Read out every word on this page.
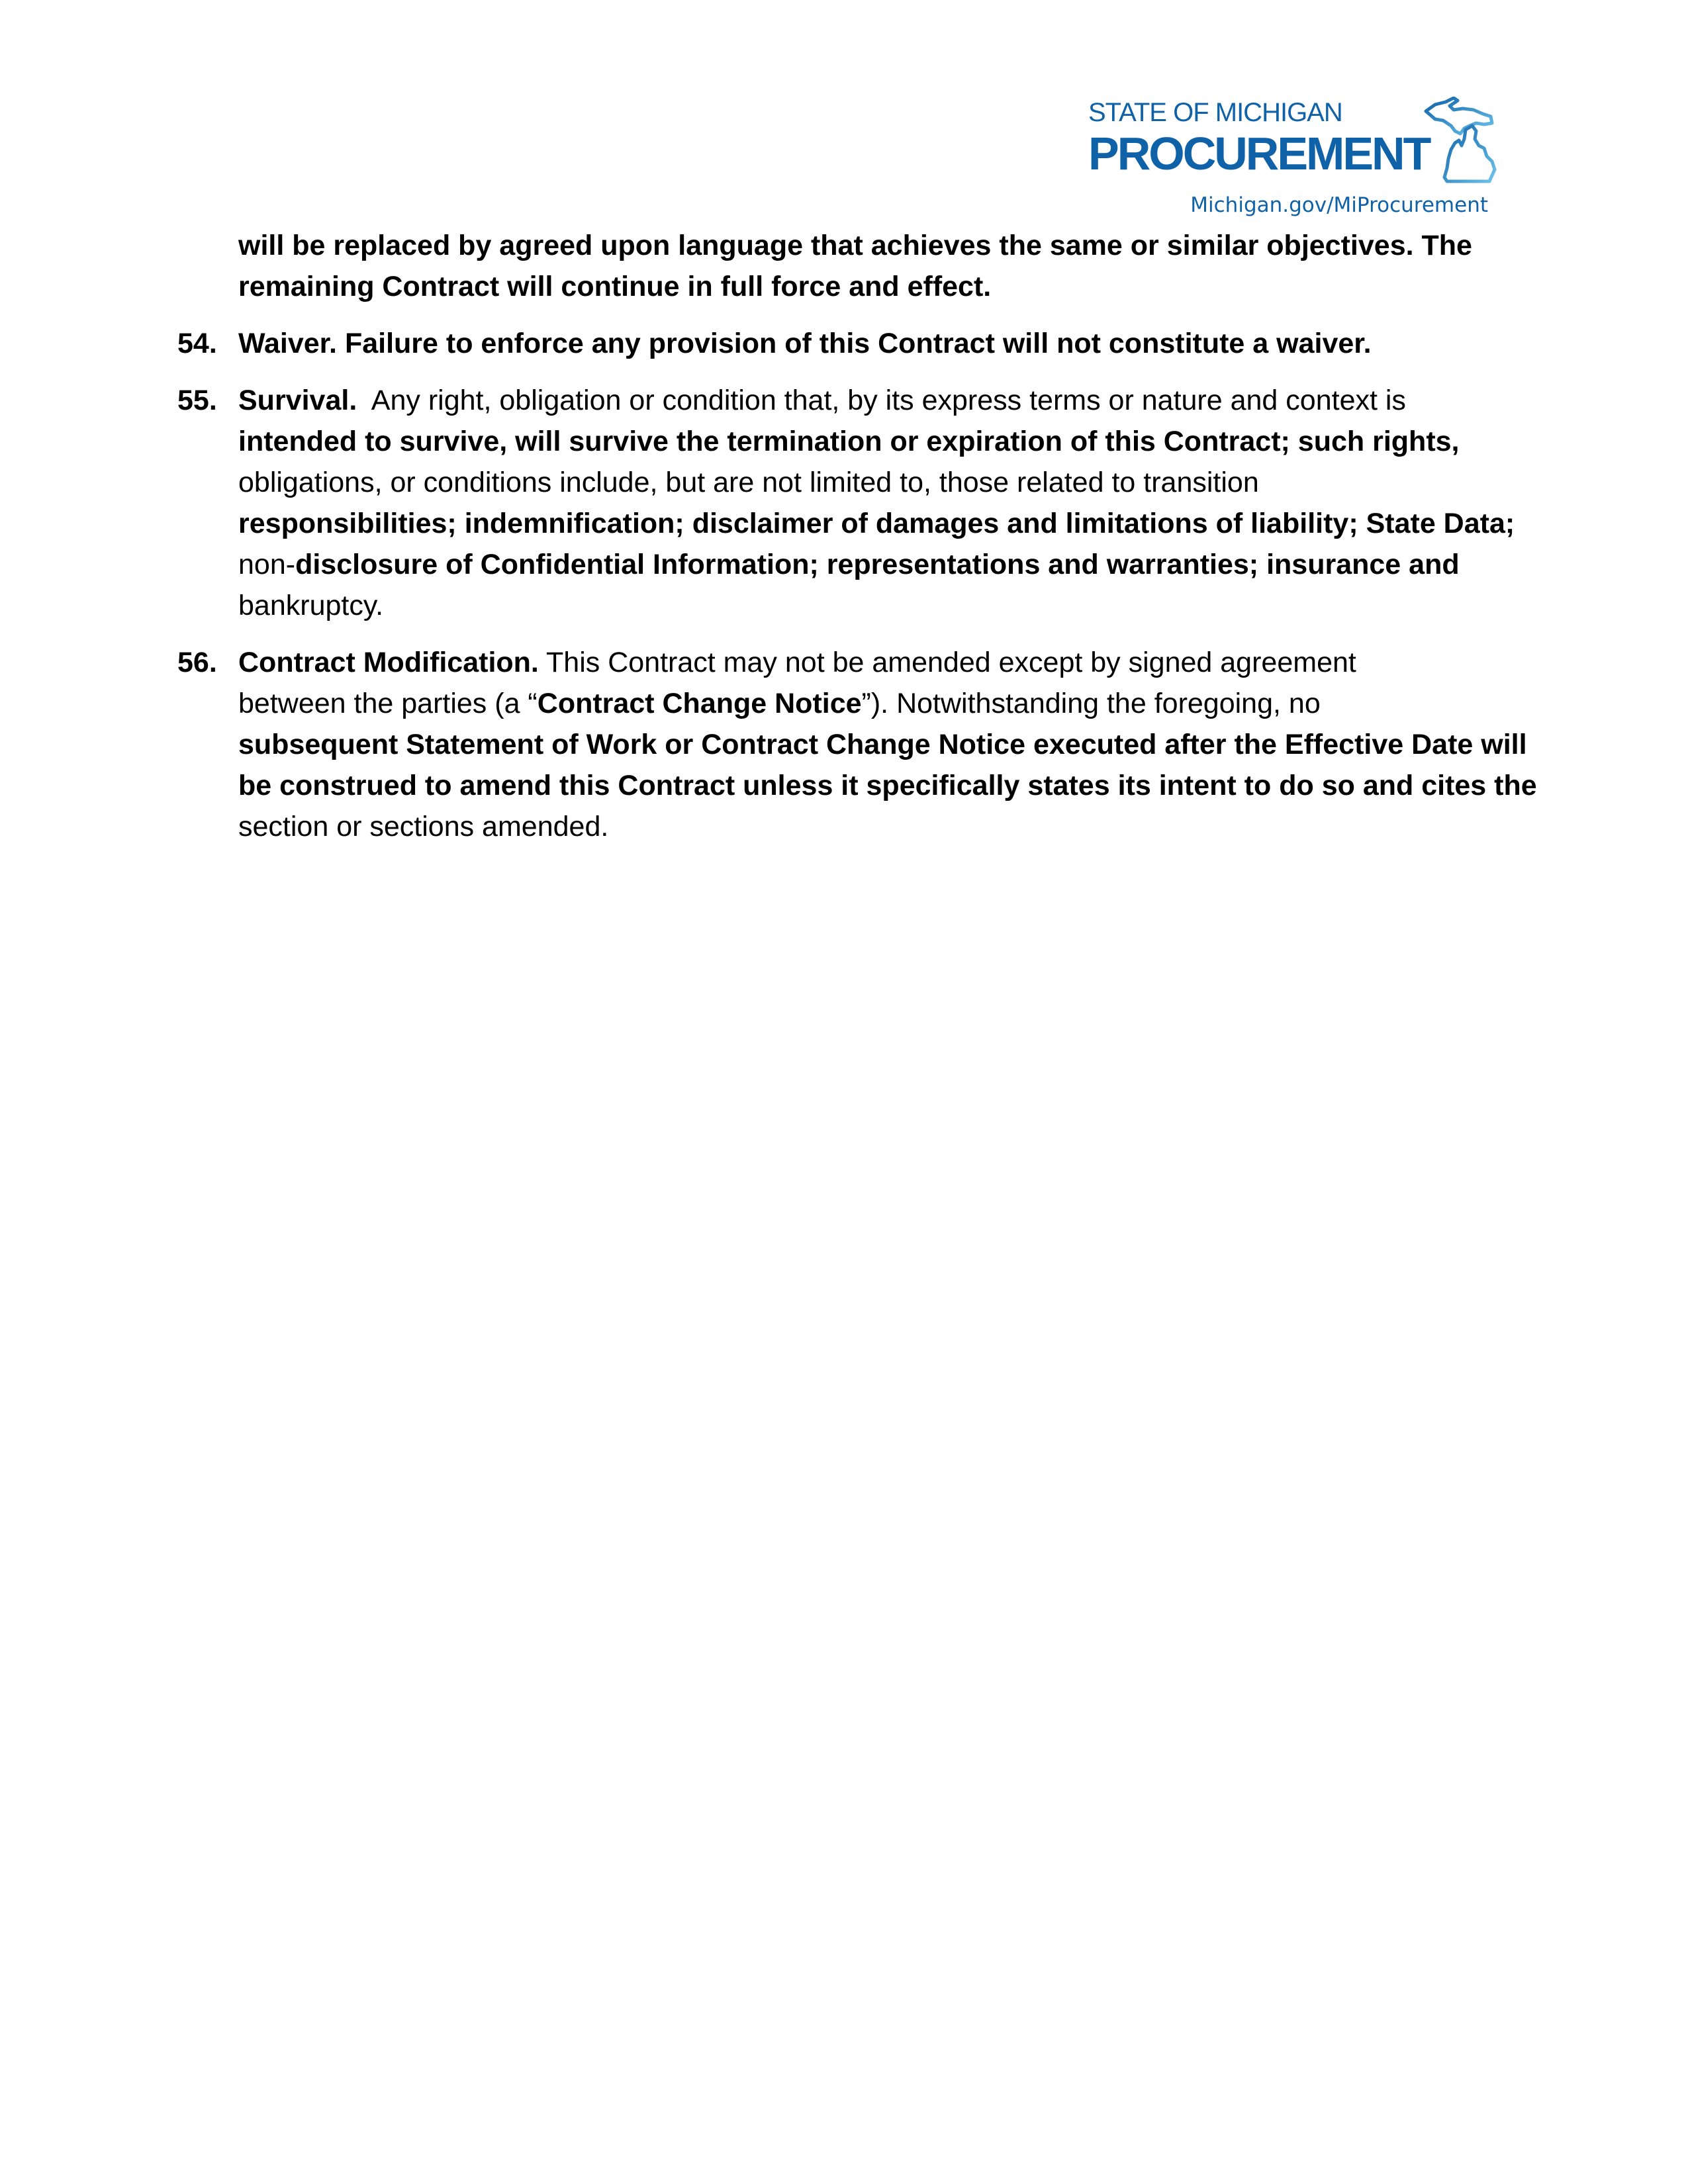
STATE OF MICHIGAN
PROCUREMENT
Michigan.gov/MiProcurement
will be replaced by agreed upon language that achieves the same or similar objectives. The
remaining Contract will continue in full force and effect.
54. Waiver. Failure to enforce any provision of this Contract will not constitute a waiver.
55. Survival. Any right, obligation or condition that, by its express terms or nature and context is
intended to survive, will survive the termination or expiration of this Contract; such rights,
obligations, or conditions include, but are not limited to, those related to transition
responsibilities; indemnification; disclaimer of damages and limitations of liability; State Data;
non-disclosure of Confidential Information; representations and warranties; insurance and
bankruptcy.
56. Contract Modification. This Contract may not be amended except by signed agreement
between the parties (a “Contract Change Notice”). Notwithstanding the foregoing, no
subsequent Statement of Work or Contract Change Notice executed after the Effective Date will
be construed to amend this Contract unless it specifically states its intent to do so and cites the
section or sections amended.
